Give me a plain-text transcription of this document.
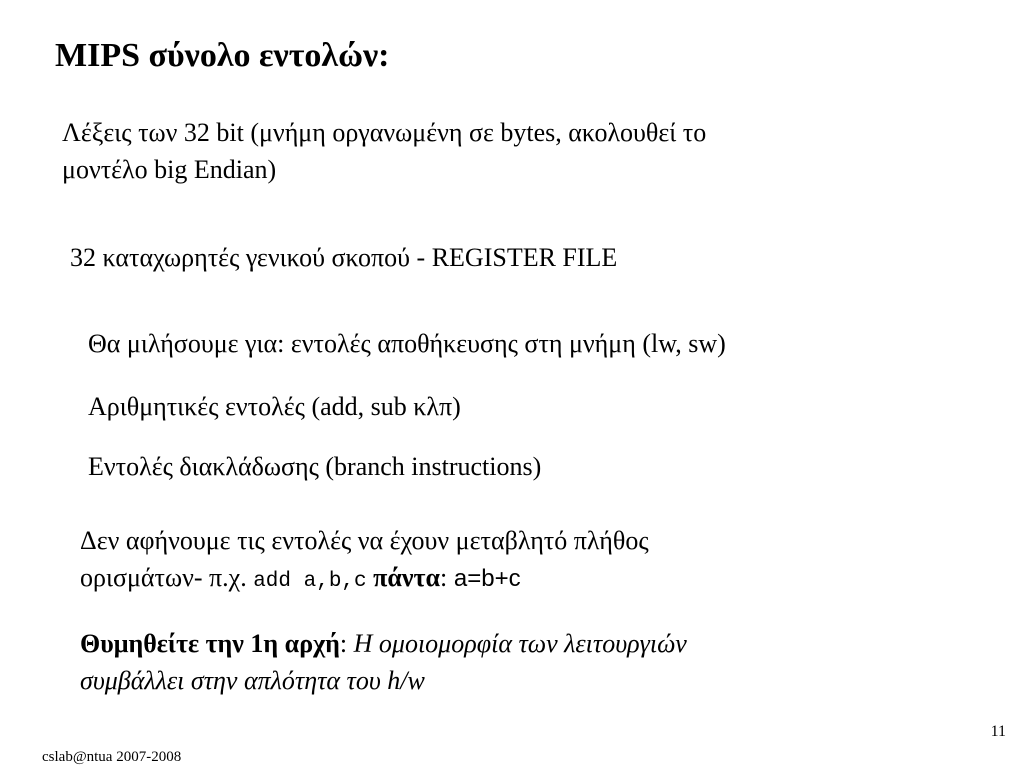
MIPS σύνολο εντολών:
Λέξεις των 32 bit (μνήμη οργανωμένη σε bytes, ακολουθεί το
μοντέλο big Endian)
32 καταχωρητές γενικού σκοπού - REGISTER FILE
Θα μιλήσουμε για: εντολές αποθήκευσης στη μνήμη (lw, sw)
Αριθμητικές εντολές (add, sub κλπ)
Εντολές διακλάδωσης (branch instructions)
Δεν αφήνουμε τις εντολές να έχουν μεταβλητό πλήθος
ορισμάτων- π.χ. add a,b,c πάντα: a=b+c
Θυμηθείτε την 1η αρχή: Η ομοιομορφία των λειτουργιών
συμβάλλει στην απλότητα του h/w
11
cslab@ntua 2007-2008
